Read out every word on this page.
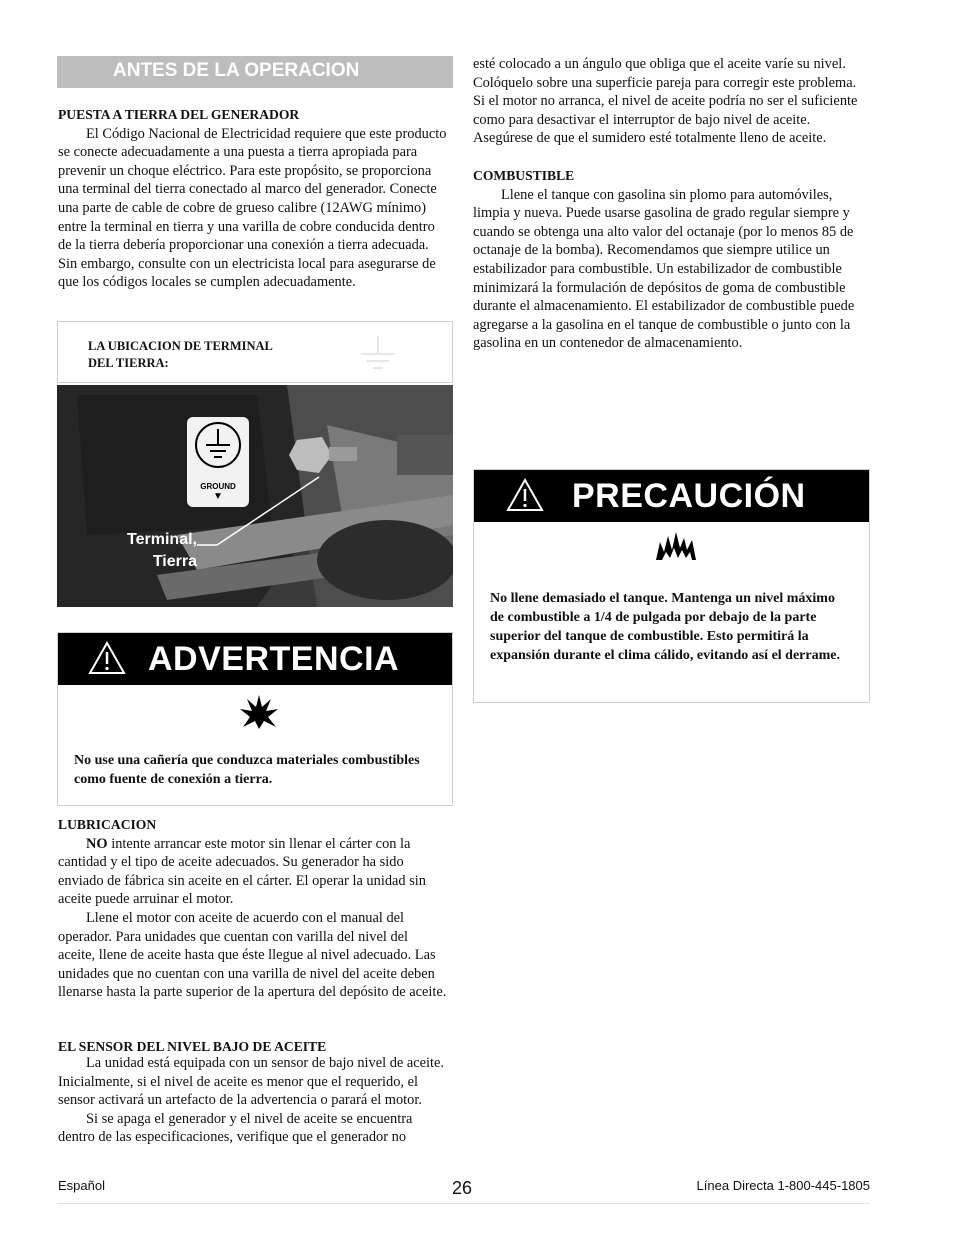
ANTES DE LA OPERACION

PUESTA A TIERRA DEL GENERADOR

El Código Nacional de Electricidad requiere que este producto se conecte adecuadamente a una puesta a tierra apropiada para prevenir un choque eléctrico. Para este propósito, se proporciona una terminal del tierra conectado al marco del generador. Conecte una parte de cable de cobre de grueso calibre (12AWG mínimo) entre la terminal en tierra y una varilla de cobre conducida dentro de la tierra debería proporcionar una conexión a tierra adecuada. Sin embargo, consulte con un electricista local para asegurarse de que los códigos locales se cumplen adecuadamente.

LA UBICACION DE TERMINAL
DEL TIERRA:
GROUND
▼
Terminal,
Tierra
ADVERTENCIA
No use una cañería que conduzca materiales combustibles como fuente de conexión a tierra.

LUBRICACION

NO intente arrancar este motor sin llenar el cárter con la cantidad y el tipo de aceite adecuados. Su generador ha sido enviado de fábrica sin aceite en el cárter. El operar la unidad sin aceite puede arruinar el motor.

Llene el motor con aceite de acuerdo con el manual del operador. Para unidades que cuentan con varilla del nivel del aceite, llene de aceite hasta que éste llegue al nivel adecuado. Las unidades que no cuentan con una varilla de nivel del aceite deben llenarse hasta la parte superior de la apertura del depósito de aceite.

EL SENSOR DEL NIVEL BAJO DE ACEITE

La unidad está equipada con un sensor de bajo nivel de aceite. Inicialmente, si el nivel de aceite es menor que el requerido, el sensor activará un artefacto de la advertencia o parará el motor.

Si se apaga el generador y el nivel de aceite se encuentra dentro de las especificaciones, verifique que el generador no

esté colocado a un ángulo que obliga que el aceite varíe su nivel. Colóquelo sobre una superficie pareja para corregir este problema. Si el motor no arranca, el nivel de aceite podría no ser el suficiente como para desactivar el interruptor de bajo nivel de aceite. Asegúrese de que el sumidero esté totalmente lleno de aceite.

COMBUSTIBLE

Llene el tanque con gasolina sin plomo para automóviles, limpia y nueva. Puede usarse gasolina de grado regular siempre y cuando se obtenga una alto valor del octanaje (por lo menos 85 de octanaje de la bomba). Recomendamos que siempre utilice un estabilizador para combustible. Un estabilizador de combustible minimizará la formulación de depósitos de goma de combustible durante el almacenamiento. El estabilizador de combustible puede agregarse a la gasolina en el tanque de combustible o junto con la gasolina en un contenedor de almacenamiento.

PRECAUCIÓN
No llene demasiado el tanque. Mantenga un nivel máximo de combustible a 1/4 de pulgada por debajo de la parte superior del tanque de combustible. Esto permitirá la expansión durante el clima cálido, evitando así el derrame.
Español	26	Línea Directa 1-800-445-1805
